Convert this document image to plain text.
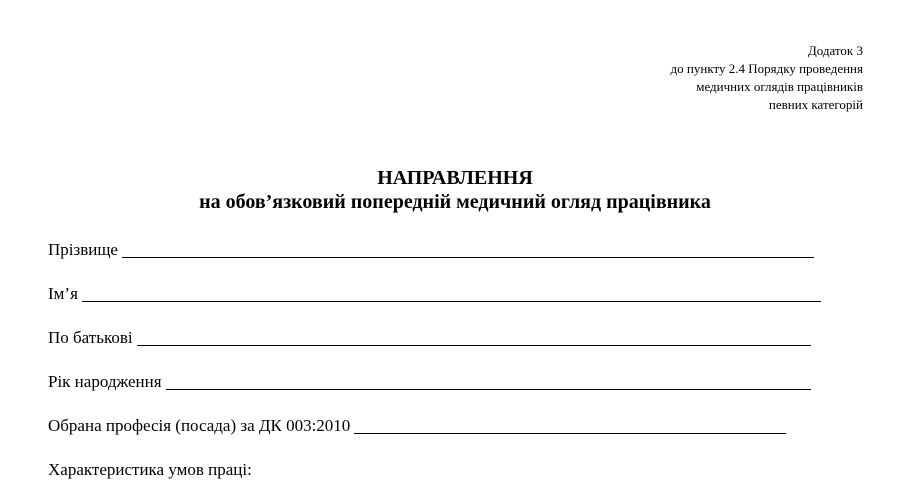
Додаток 3
до пункту 2.4 Порядку проведення
медичних оглядів працівників
певних категорій
НАПРАВЛЕННЯ
на обов’язковий попередній медичний огляд працівника
Прізвище
Ім’я
По батькові
Рік народження
Обрана професія (посада) за ДК 003:2010
Характеристика умов праці:
